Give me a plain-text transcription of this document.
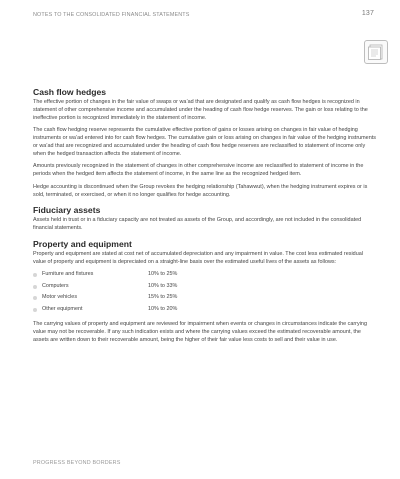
NOTES TO THE CONSOLIDATED FINANCIAL STATEMENTS	137
Cash flow hedges

The effective portion of changes in the fair value of swaps or wa’ad that are designated and qualify as cash flow hedges is recognized in statement of other comprehensive income and accumulated under the heading of cash flow hedge reserves. The gain or loss relating to the ineffective portion is recognized immediately in the statement of income.

The cash flow hedging reserve represents the cumulative effective portion of gains or losses arising on changes in fair value of hedging instruments or wa’ad entered into for cash flow hedges. The cumulative gain or loss arising on changes in fair value of the hedging instruments or wa’ad that are recognized and accumulated under the heading of cash flow hedge reserves are reclassified to statement of income only when the hedged transaction affects the statement of income.

Amounts previously recognized in the statement of changes in other comprehensive income are reclassified to statement of income in the periods when the hedged item affects the statement of income, in the same line as the recognized hedged item.

Hedge accounting is discontinued when the Group revokes the hedging relationship (Tahawwut), when the hedging instrument expires or is sold, terminated, or exercised, or when it no longer qualifies for hedge accounting.

Fiduciary assets

Assets held in trust or in a fiduciary capacity are not treated as assets of the Group, and accordingly, are not included in the consolidated financial statements.

Property and equipment

Property and equipment are stated at cost net of accumulated depreciation and any impairment in value. The cost less estimated residual value of property and equipment is depreciated on a straight-line basis over the estimated useful lives of the assets as follows:

Furniture and fixtures	10% to 25%
Computers	10% to 33%
Motor vehicles	15% to 25%
Other equipment	10% to 20%

The carrying values of property and equipment are reviewed for impairment when events or changes in circumstances indicate the carrying value may not be recoverable. If any such indication exists and where the carrying values exceed the estimated recoverable amount, the assets are written down to their recoverable amount, being the higher of their fair value less costs to sell and their value in use.

PROGRESS BEYOND BORDERS
